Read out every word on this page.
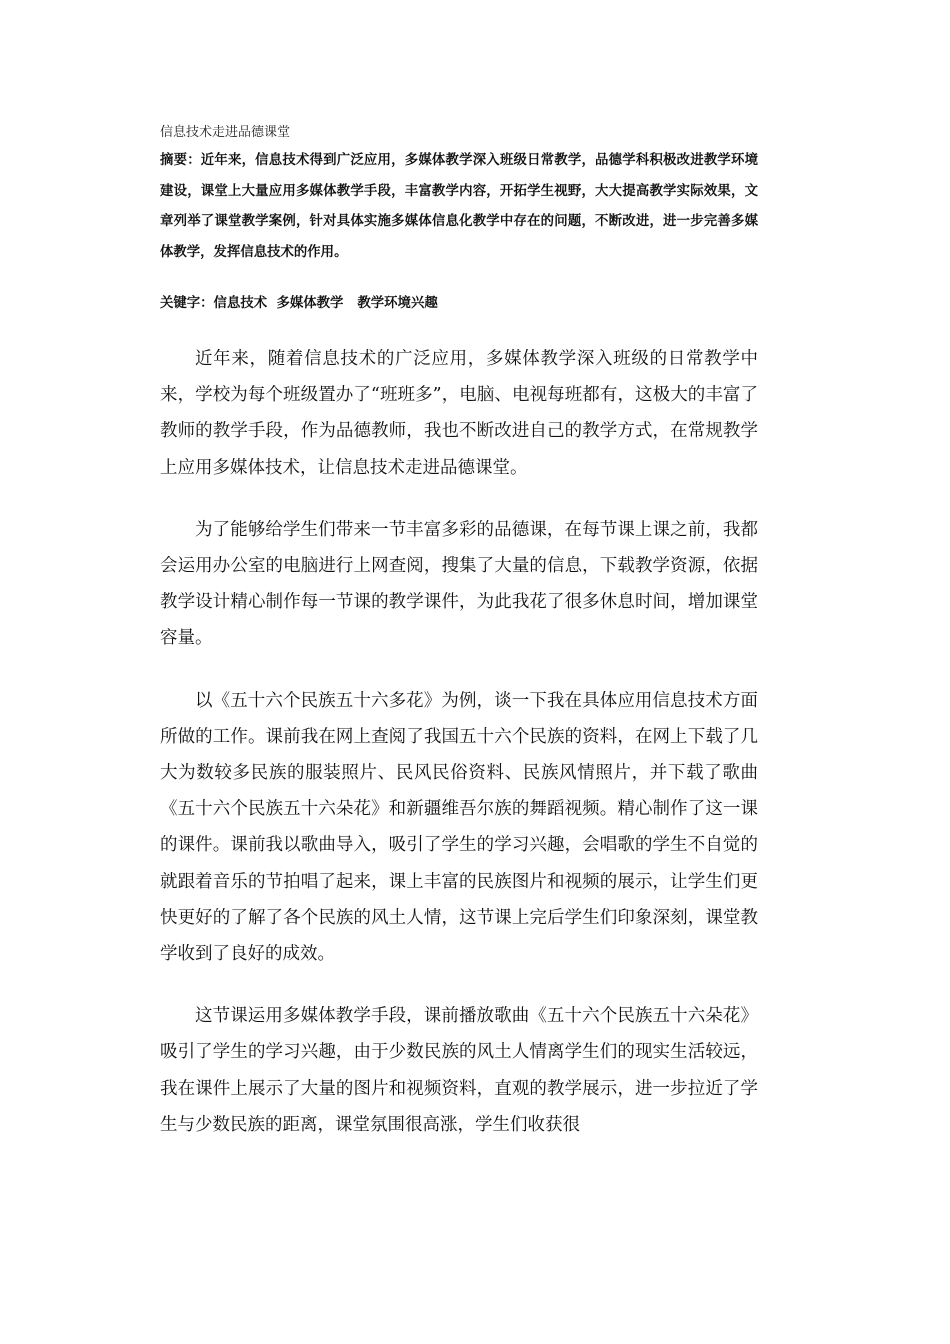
信息技术走进品德课堂
摘要：近年来，信息技术得到广泛应用，多媒体教学深入班级日常教学，品德学科积极改进教学环境建设，课堂上大量应用多媒体教学手段，丰富教学内容，开拓学生视野，大大提高教学实际效果，文章列举了课堂教学案例，针对具体实施多媒体信息化教学中存在的问题，不断改进，进一步完善多媒体教学，发挥信息技术的作用。
关键字：信息技术  多媒体教学   教学环境兴趣

近年来，随着信息技术的广泛应用，多媒体教学深入班级的日常教学中来，学校为每个班级置办了“班班多”，电脑、电视每班都有，这极大的丰富了教师的教学手段，作为品德教师，我也不断改进自己的教学方式，在常规教学上应用多媒体技术，让信息技术走进品德课堂。

为了能够给学生们带来一节丰富多彩的品德课，在每节课上课之前，我都会运用办公室的电脑进行上网查阅，搜集了大量的信息，下载教学资源，依据教学设计精心制作每一节课的教学课件，为此我花了很多休息时间，增加课堂容量。

以《五十六个民族五十六多花》为例，谈一下我在具体应用信息技术方面所做的工作。课前我在网上查阅了我国五十六个民族的资料，在网上下载了几大为数较多民族的服装照片、民风民俗资料、民族风情照片，并下载了歌曲《五十六个民族五十六朵花》和新疆维吾尔族的舞蹈视频。精心制作了这一课的课件。课前我以歌曲导入，吸引了学生的学习兴趣，会唱歌的学生不自觉的就跟着音乐的节拍唱了起来，课上丰富的民族图片和视频的展示，让学生们更快更好的了解了各个民族的风土人情，这节课上完后学生们印象深刻，课堂教学收到了良好的成效。

这节课运用多媒体教学手段，课前播放歌曲《五十六个民族五十六朵花》吸引了学生的学习兴趣，由于少数民族的风土人情离学生们的现实生活较远，我在课件上展示了大量的图片和视频资料，直观的教学展示，进一步拉近了学生与少数民族的距离，课堂氛围很高涨，学生们收获很
